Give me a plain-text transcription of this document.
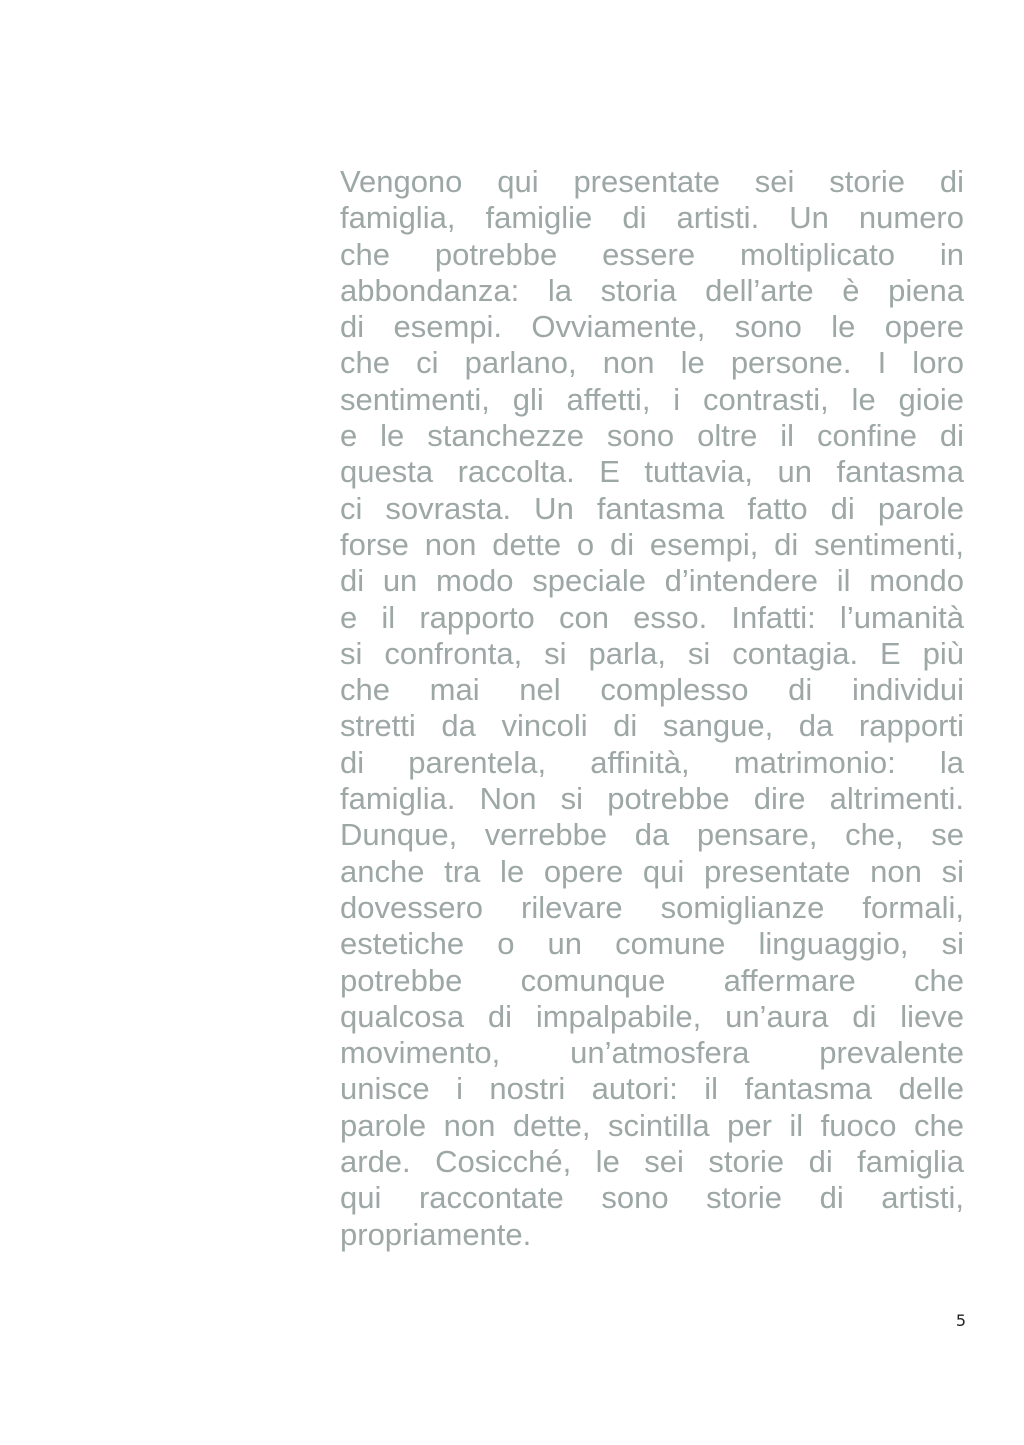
Vengono qui presentate sei storie di
famiglia, famiglie di artisti. Un numero
che potrebbe essere moltiplicato in
abbondanza: la storia dell’arte è piena
di esempi. Ovviamente, sono le opere
che ci parlano, non le persone. I loro
sentimenti, gli affetti, i contrasti, le gioie
e le stanchezze sono oltre il confine di
questa raccolta. E tuttavia, un fantasma
ci sovrasta. Un fantasma fatto di parole
forse non dette o di esempi, di sentimenti,
di un modo speciale d’intendere il mondo
e il rapporto con esso. Infatti: l’umanità
si confronta, si parla, si contagia. E più
che mai nel complesso di individui
stretti da vincoli di sangue, da rapporti
di parentela, affinità, matrimonio: la
famiglia. Non si potrebbe dire altrimenti.
Dunque, verrebbe da pensare, che, se
anche tra le opere qui presentate non si
dovessero rilevare somiglianze formali,
estetiche o un comune linguaggio, si
potrebbe comunque affermare che
qualcosa di impalpabile, un’aura di lieve
movimento, un’atmosfera prevalente
unisce i nostri autori: il fantasma delle
parole non dette, scintilla per il fuoco che
arde. Cosicché, le sei storie di famiglia
qui raccontate sono storie di artisti,
propriamente.
5
